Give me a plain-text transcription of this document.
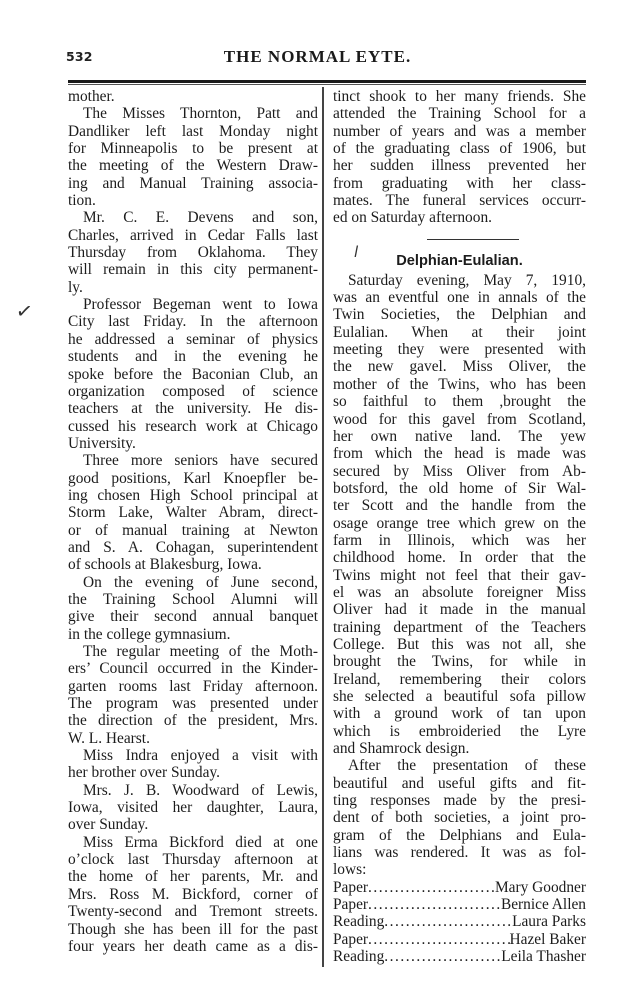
532	THE NORMAL EYTE.
✓
l
mother.
The Misses Thornton, Patt and
Dandliker left last Monday night
for Minneapolis to be present at
the meeting of the Western Draw-
ing and Manual Training associa-
tion.
Mr. C. E. Devens and son,
Charles, arrived in Cedar Falls last
Thursday from Oklahoma. They
will remain in this city permanent-
ly.
Professor Begeman went to Iowa
City last Friday. In the afternoon
he addressed a seminar of physics
students and in the evening he
spoke before the Baconian Club, an
organization composed of science
teachers at the university. He dis-
cussed his research work at Chicago
University.
Three more seniors have secured
good positions, Karl Knoepfler be-
ing chosen High School principal at
Storm Lake, Walter Abram, direct-
or of manual training at Newton
and S. A. Cohagan, superintendent
of schools at Blakesburg, Iowa.
On the evening of June second,
the Training School Alumni will
give their second annual banquet
in the college gymnasium.
The regular meeting of the Moth-
ers’ Council occurred in the Kinder-
garten rooms last Friday afternoon.
The program was presented under
the direction of the president, Mrs.
W. L. Hearst.
Miss Indra enjoyed a visit with
her brother over Sunday.
Mrs. J. B. Woodward of Lewis,
Iowa, visited her daughter, Laura,
over Sunday.
Miss Erma Bickford died at one
o’clock last Thursday afternoon at
the home of her parents, Mr. and
Mrs. Ross M. Bickford, corner of
Twenty-second and Tremont streets.
Though she has been ill for the past
four years her death came as a dis-
tinct shook to her many friends. She
attended the Training School for a
number of years and was a member
of the graduating class of 1906, but
her sudden illness prevented her
from graduating with her class-
mates. The funeral services occurr-
ed on Saturday afternoon.
Delphian-Eulalian.
Saturday evening, May 7, 1910,
was an eventful one in annals of the
Twin Societies, the Delphian and
Eulalian. When at their joint
meeting they were presented with
the new gavel. Miss Oliver, the
mother of the Twins, who has been
so faithful to them ,brought the
wood for this gavel from Scotland,
her own native land. The yew
from which the head is made was
secured by Miss Oliver from Ab-
botsford, the old home of Sir Wal-
ter Scott and the handle from the
osage orange tree which grew on the
farm in Illinois, which was her
childhood home. In order that the
Twins might not feel that their gav-
el was an absolute foreigner Miss
Oliver had it made in the manual
training department of the Teachers
College. But this was not all, she
brought the Twins, for while in
Ireland, remembering their colors
she selected a beautiful sofa pillow
with a ground work of tan upon
which is embroideried the Lyre
and Shamrock design.
After the presentation of these
beautiful and useful gifts and fit-
ting responses made by the presi-
dent of both societies, a joint pro-
gram of the Delphians and Eula-
lians was rendered. It was as fol-
lows:
Paper .....	Mary Goodner
Paper .....	Bernice Allen
Reading .....	Laura Parks
Paper .....	Hazel Baker
Reading .....	Leila Thasher
